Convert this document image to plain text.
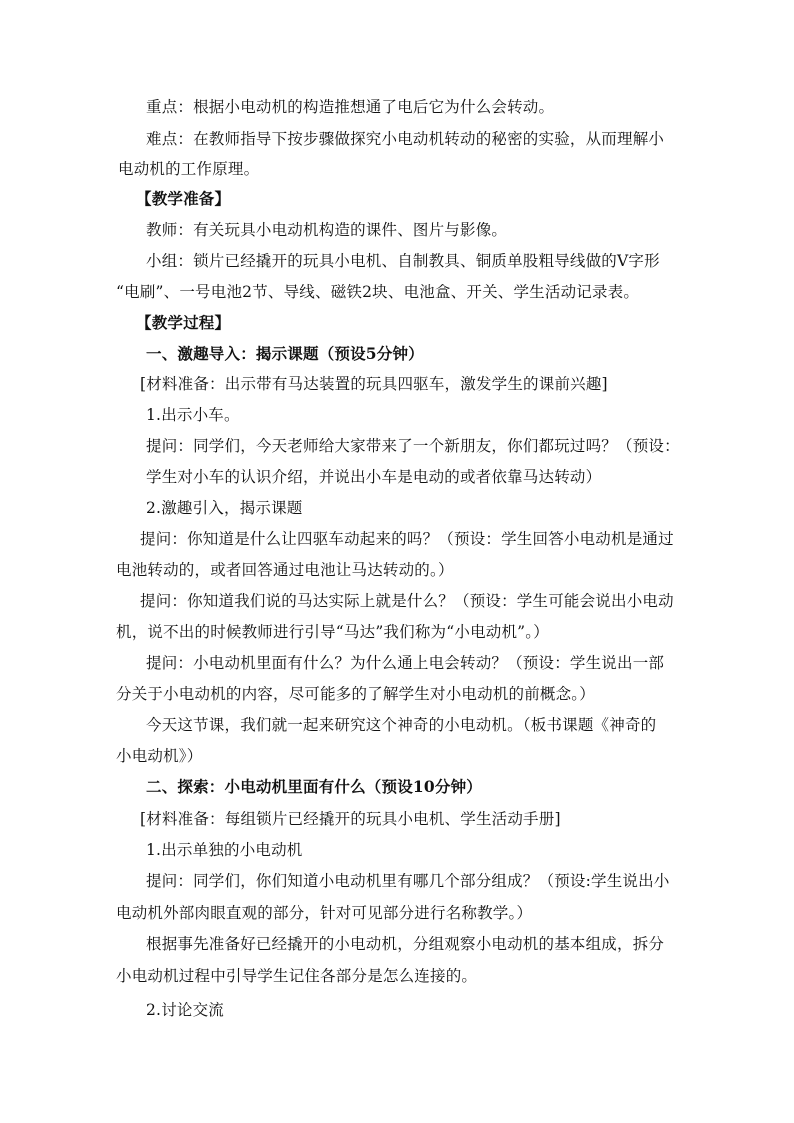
重点：根据小电动机的构造推想通了电后它为什么会转动。
难点：在教师指导下按步骤做探究小电动机转动的秘密的实验，从而理解小
电动机的工作原理。
【教学准备】
教师：有关玩具小电动机构造的课件、图片与影像。
小组：锁片已经撬开的玩具小电机、自制教具、铜质单股粗导线做的V字形
“电刷”、一号电池2节、导线、磁铁2块、电池盒、开关、学生活动记录表。
【教学过程】
一、激趣导入：揭示课题（预设5分钟）
[材料准备：出示带有马达装置的玩具四驱车，激发学生的课前兴趣]
1.出示小车。
提问：同学们，今天老师给大家带来了一个新朋友，你们都玩过吗？（预设：
学生对小车的认识介绍，并说出小车是电动的或者依靠马达转动）
2.激趣引入，揭示课题
提问：你知道是什么让四驱车动起来的吗？（预设：学生回答小电动机是通过
电池转动的，或者回答通过电池让马达转动的。）
提问：你知道我们说的马达实际上就是什么？（预设：学生可能会说出小电动
机，说不出的时候教师进行引导“马达”我们称为“小电动机”。）
提问：小电动机里面有什么？为什么通上电会转动？（预设：学生说出一部
分关于小电动机的内容，尽可能多的了解学生对小电动机的前概念。）
今天这节课，我们就一起来研究这个神奇的小电动机。（板书课题《神奇的
小电动机》）
二、探索：小电动机里面有什么（预设10分钟）
[材料准备：每组锁片已经撬开的玩具小电机、学生活动手册]
1.出示单独的小电动机
提问：同学们，你们知道小电动机里有哪几个部分组成？（预设:学生说出小
电动机外部肉眼直观的部分，针对可见部分进行名称教学。）
根据事先准备好已经撬开的小电动机，分组观察小电动机的基本组成，拆分
小电动机过程中引导学生记住各部分是怎么连接的。
2.讨论交流
